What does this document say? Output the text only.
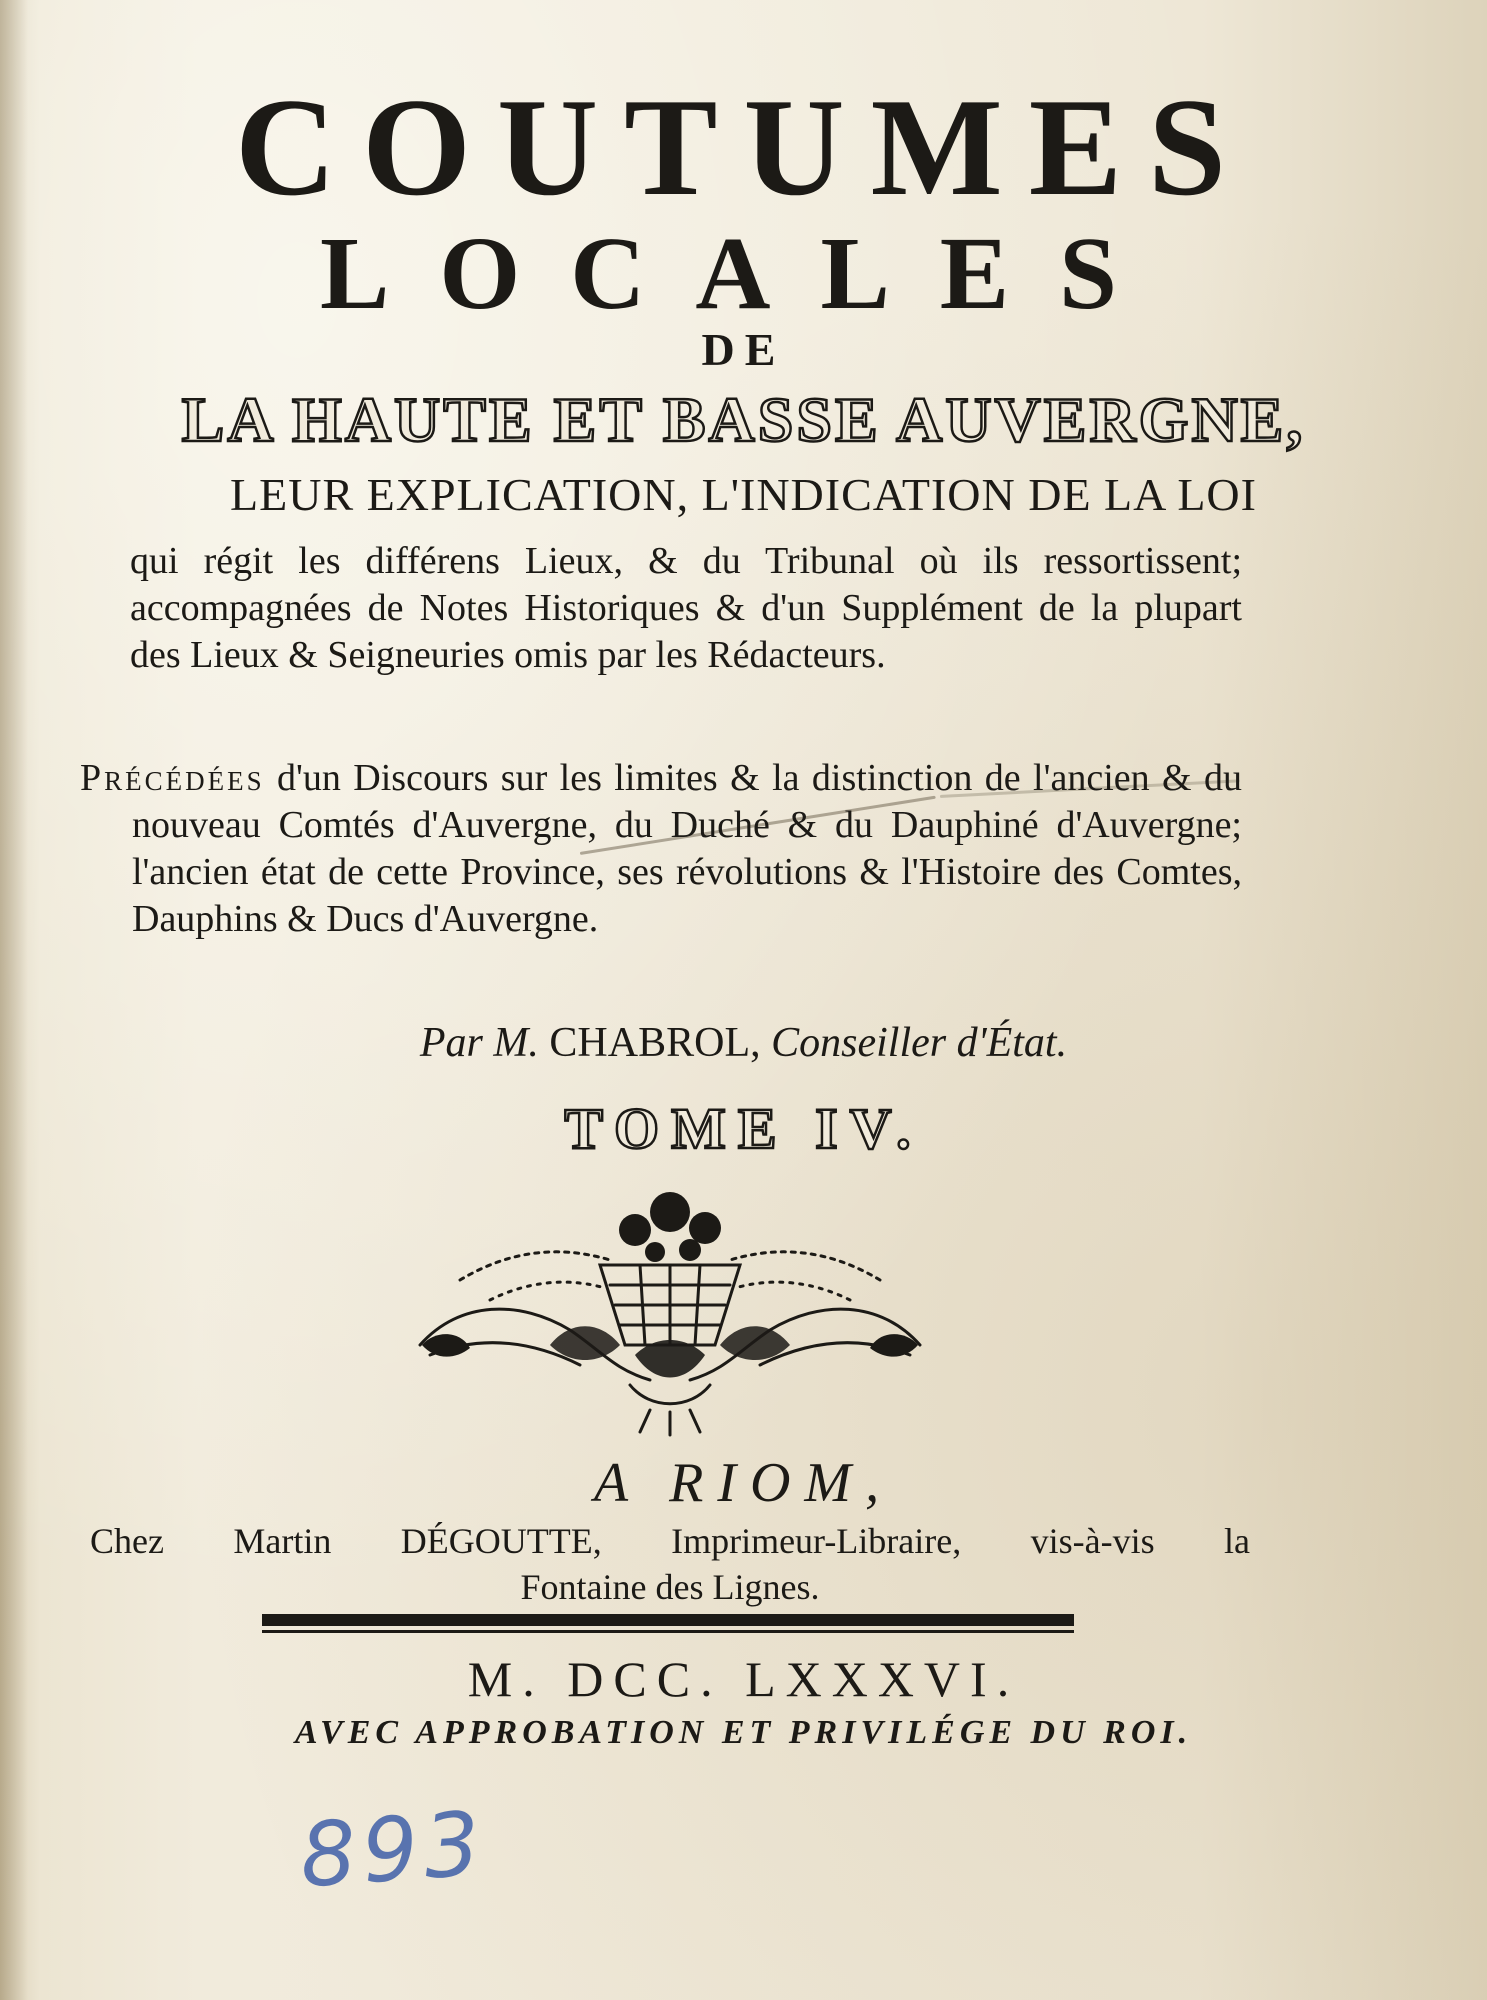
COUTUMES
LOCALES
DE
LA HAUTE ET BASSE AUVERGNE,
LEUR EXPLICATION, L'INDICATION DE LA LOI
qui régit les différens Lieux, & du Tribunal où ils ressortissent; accompagnées de Notes Historiques & d'un Supplément de la plupart des Lieux & Seigneuries omis par les Rédacteurs.
Précédées d'un Discours sur les limites & la distinction de l'ancien & du nouveau Comtés d'Auvergne, du Duché & du Dauphiné d'Auvergne; l'ancien état de cette Province, ses révolutions & l'Histoire des Comtes, Dauphins & Ducs d'Auvergne.
Par M. CHABROL, Conseiller d'État.
TOME IV.
A RIOM,
Chez Martin DÉGOUTTE, Imprimeur-Libraire, vis-à-vis la
Fontaine des Lignes.
M. DCC. LXXXVI.
AVEC APPROBATION ET PRIVILÉGE DU ROI.
893
